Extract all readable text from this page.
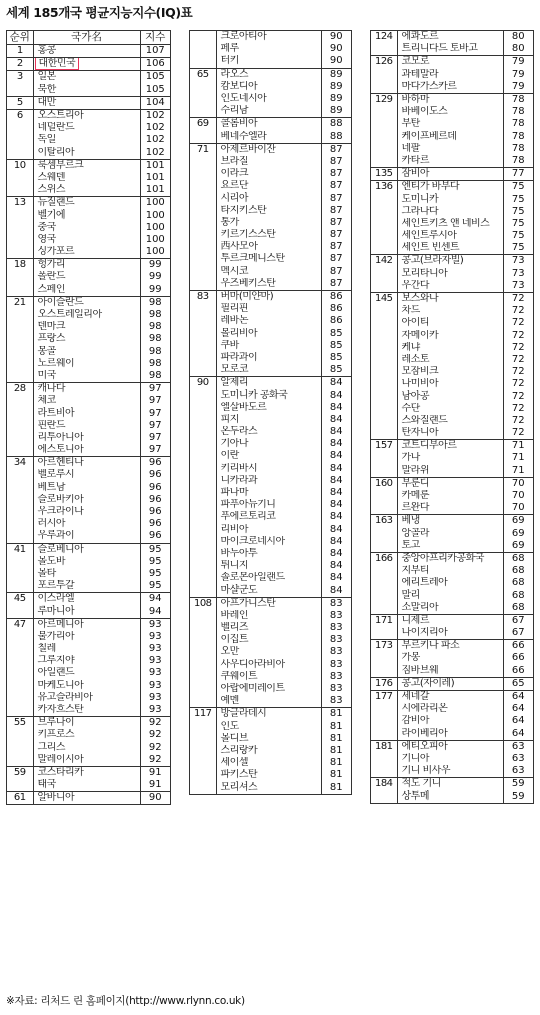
세계 185개국 평균지능지수(IQ)표
순위	국가名	지수
1	홍콩	107
2	대한민국	106
3	일본	105
	북한	105
5	대만	104
6	오스트리아	102
	네덜란드	102
	독일	102
	이탈리아	102
10	룩셈부르크	101
	스웨덴	101
	스위스	101
13	뉴질랜드	100
	벨기에	100
	중국	100
	영국	100
	싱가포르	100
18	헝가리	99
	폴란드	99
	스페인	99
21	아이슬란드	98
	오스트레일리아	98
	덴마크	98
	프랑스	98
	몽골	98
	노르웨이	98
	미국	98
28	캐나다	97
	체코	97
	라트비아	97
	핀란드	97
	리투아니아	97
	에스토니아	97
34	아르헨티나	96
	벨로루시	96
	베트남	96
	슬로바키아	96
	우크라이나	96
	러시아	96
	우루과이	96
41	슬로베니아	95
	몰도바	95
	몰타	95
	포르투갈	95
45	이스라엘	94
	루마니아	94
47	아르메니아	93
	불가리아	93
	칠레	93
	그루지야	93
	아일랜드	93
	마케도니아	93
	유고슬라비아	93
	카자흐스탄	93
55	브루나이	92
	키프로스	92
	그리스	92
	말레이시아	92
59	코스타리카	91
	태국	91
61	알바니아	90
	크로아티아	90
	페루	90
	터키	90
65	라오스	89
	캄보디아	89
	인도네시아	89
	수리남	89
69	콜롬비아	88
	베네수엘라	88
71	아제르바이잔	87
	브라질	87
	이라크	87
	요르단	87
	시리아	87
	타지키스탄	87
	통가	87
	키르기스스탄	87
	西사모아	87
	투르크메니스탄	87
	멕시코	87
	우즈베키스탄	87
83	버마(미얀마)	86
	필리핀	86
	레바논	86
	볼리비아	85
	쿠바	85
	파라과이	85
	모로코	85
90	알제리	84
	도미니카 공화국	84
	엘살바도르	84
	피지	84
	온두라스	84
	기아나	84
	이란	84
	키리바시	84
	니카라과	84
	파나마	84
	파푸아뉴기니	84
	푸에르토리코	84
	리비아	84
	마이크로네시아	84
	바누아투	84
	튀니지	84
	솔로몬아일랜드	84
	마샬군도	84
108	아프가니스탄	83
	바레인	83
	벨리즈	83
	이집트	83
	오만	83
	사우디아라비아	83
	쿠웨이트	83
	아랍에미레이트	83
	예멘	83
117	방글라데시	81
	인도	81
	몰디브	81
	스리랑카	81
	세이셀	81
	파키스탄	81
	모리셔스	81
124	에콰도르	80
	트리니다드 토바고	80
126	코모로	79
	과테말라	79
	마다가스카르	79
129	바하마	78
	바베이도스	78
	부탄	78
	케이프베르데	78
	네팔	78
	카타르	78
135	잠비아	77
136	엔티가 바부다	75
	도미니카	75
	그라나다	75
	세인트키츠 앤 네비스	75
	세인트루시아	75
	세인트 빈센트	75
142	콩고(브라자빌)	73
	모리타니아	73
	우간다	73
145	보스와나	72
	차드	72
	아이티	72
	자메이카	72
	케냐	72
	레소토	72
	모잠비크	72
	나미비아	72
	남아공	72
	수단	72
	스와질랜드	72
	탄자니아	72
157	코트디부아르	71
	가나	71
	말라위	71
160	부룬디	70
	카메룬	70
	르완다	70
163	베냉	69
	앙골라	69
	토고	69
166	중앙아프리카공화국	68
	지부티	68
	에리트레아	68
	말리	68
	소말리아	68
171	니제르	67
	나이지리아	67
173	부르키나 파소	66
	가봉	66
	짐바브웨	66
176	콩고(자이레)	65
177	세네갈	64
	시에라리온	64
	감비아	64
	라이베리아	64
181	에티오피아	63
	기니아	63
	기니 비사우	63
184	적도 기니	59
	상투메	59
※자료: 리처드 린 홈페이지(http://www.rlynn.co.uk)
